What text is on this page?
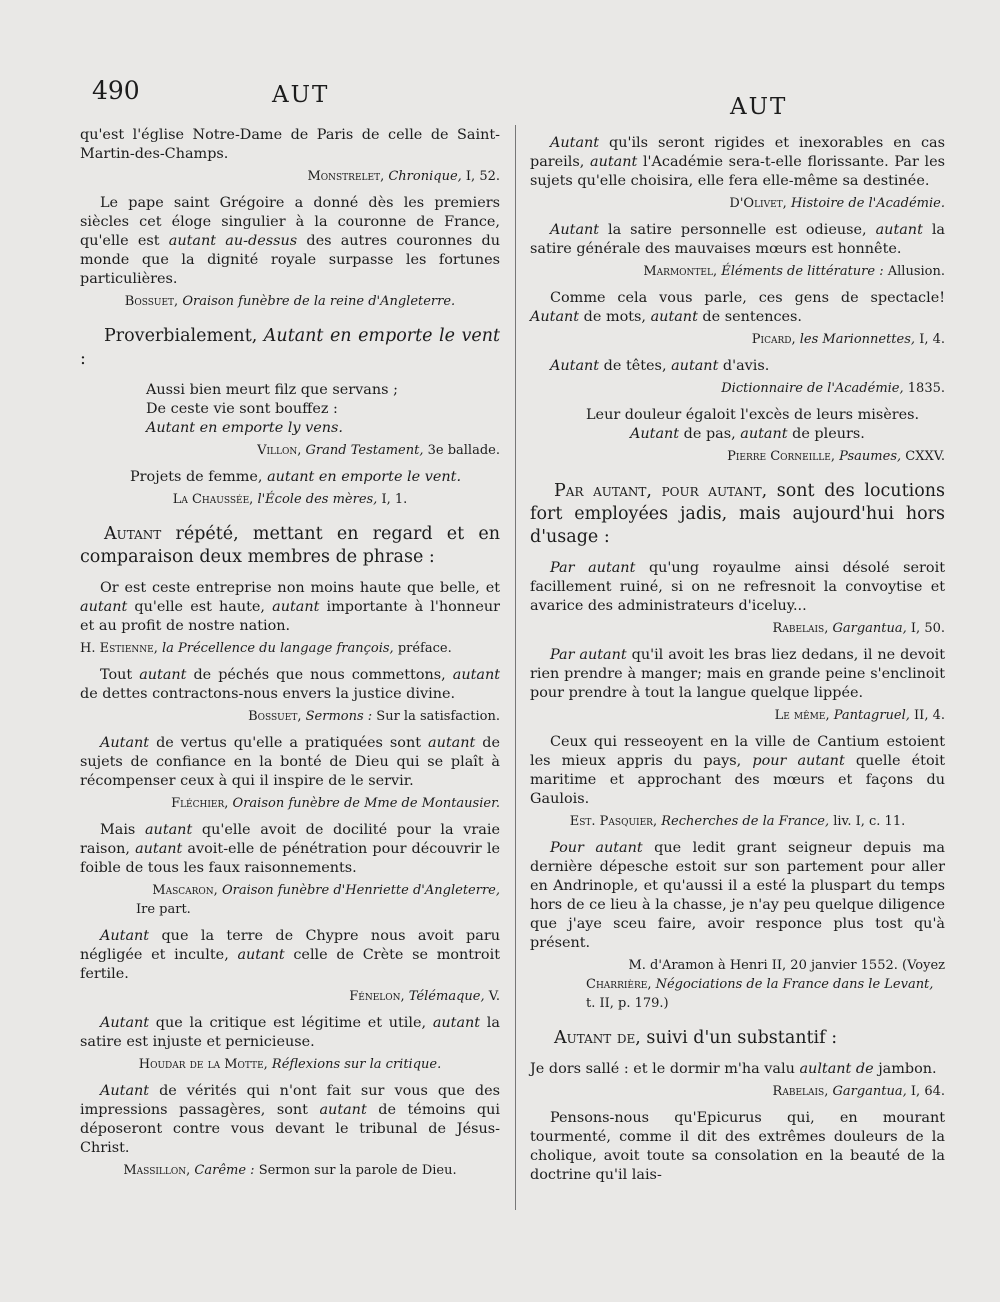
490	AUT	AUT

qu'est l'église Notre-Dame de Paris de celle de Saint-Martin-des-Champs.

Monstrelet, Chronique, I, 52.

Le pape saint Grégoire a donné dès les premiers siècles cet éloge singulier à la couronne de France, qu'elle est autant au-dessus des autres couronnes du monde que la dignité royale surpasse les fortunes particulières.

Bossuet, Oraison funèbre de la reine d'Angleterre.

Proverbialement, Autant en emporte le vent :

Aussi bien meurt filz que servans ;
De ceste vie sont bouffez :
Autant en emporte ly vens.

Villon, Grand Testament, 3e ballade.

Projets de femme, autant en emporte le vent.

La Chaussée, l'École des mères, I, 1.

Autant répété, mettant en regard et en comparaison deux membres de phrase :

Or est ceste entreprise non moins haute que belle, et autant qu'elle est haute, autant importante à l'honneur et au profit de nostre nation.

H. Estienne, la Précellence du langage françois, préface.

Tout autant de péchés que nous commettons, autant de dettes contractons-nous envers la justice divine.

Bossuet, Sermons : Sur la satisfaction.

Autant de vertus qu'elle a pratiquées sont autant de sujets de confiance en la bonté de Dieu qui se plaît à récompenser ceux à qui il inspire de le servir.

Fléchier, Oraison funèbre de Mme de Montausier.

Mais autant qu'elle avoit de docilité pour la vraie raison, autant avoit-elle de pénétration pour découvrir le foible de tous les faux raisonnements.

Mascaron, Oraison funèbre d'Henriette d'Angleterre,

Ire part.

Autant que la terre de Chypre nous avoit paru négligée et inculte, autant celle de Crète se montroit fertile.

Fénelon, Télémaque, V.

Autant que la critique est légitime et utile, autant la satire est injuste et pernicieuse.

Houdar de la Motte, Réflexions sur la critique.

Autant de vérités qui n'ont fait sur vous que des impressions passagères, sont autant de témoins qui déposeront contre vous devant le tribunal de Jésus-Christ.

Massillon, Carême : Sermon sur la parole de Dieu.

Autant qu'ils seront rigides et inexorables en cas pareils, autant l'Académie sera-t-elle florissante. Par les sujets qu'elle choisira, elle fera elle-même sa destinée.

D'Olivet, Histoire de l'Académie.

Autant la satire personnelle est odieuse, autant la satire générale des mauvaises mœurs est honnête.

Marmontel, Éléments de littérature : Allusion.

Comme cela vous parle, ces gens de spectacle! Autant de mots, autant de sentences.

Picard, les Marionnettes, I, 4.

Autant de têtes, autant d'avis.

Dictionnaire de l'Académie, 1835.

Leur douleur égaloit l'excès de leurs misères.
Autant de pas, autant de pleurs.

Pierre Corneille, Psaumes, CXXV.

Par autant, pour autant, sont des locutions fort employées jadis, mais aujourd'hui hors d'usage :

Par autant qu'ung royaulme ainsi désolé seroit facillement ruiné, si on ne refresnoit la convoytise et avarice des administrateurs d'iceluy...

Rabelais, Gargantua, I, 50.

Par autant qu'il avoit les bras liez dedans, il ne devoit rien prendre à manger; mais en grande peine s'enclinoit pour prendre à tout la langue quelque lippée.

Le même, Pantagruel, II, 4.

Ceux qui resseoyent en la ville de Cantium estoient les mieux appris du pays, pour autant quelle étoit maritime et approchant des mœurs et façons du Gaulois.

Est. Pasquier, Recherches de la France, liv. I, c. 11.

Pour autant que ledit grant seigneur depuis ma dernière dépesche estoit sur son partement pour aller en Andrinople, et qu'aussi il a esté la pluspart du temps hors de ce lieu à la chasse, je n'ay peu quelque diligence que j'aye sceu faire, avoir responce plus tost qu'à présent.

M. d'Aramon à Henri II, 20 janvier 1552. (Voyez

Charrière, Négociations de la France dans le Levant, t. II, p. 179.)

Autant de, suivi d'un substantif :

Je dors sallé : et le dormir m'ha valu aultant de jambon.

Rabelais, Gargantua, I, 64.

Pensons-nous qu'Epicurus qui, en mourant tourmenté, comme il dit des extrêmes douleurs de la cholique, avoit toute sa consolation en la beauté de la doctrine qu'il lais-
